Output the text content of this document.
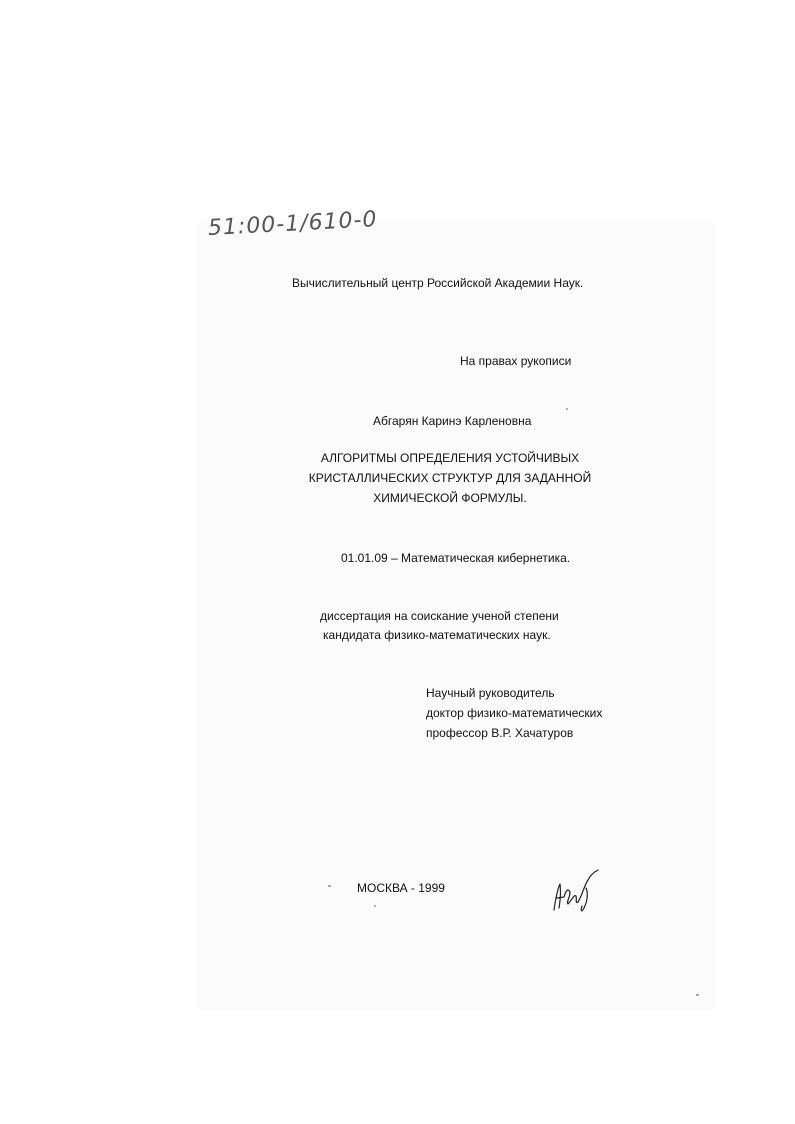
51:00-1/610-0
Вычислительный центр Российской Академии Наук.
На правах рукописи
Абгарян Каринэ Карленовна
АЛГОРИТМЫ ОПРЕДЕЛЕНИЯ УСТОЙЧИВЫХ
КРИСТАЛЛИЧЕСКИХ СТРУКТУР ДЛЯ ЗАДАННОЙ
ХИМИЧЕСКОЙ ФОРМУЛЫ.
01.01.09 – Математическая кибернетика.
диссертация на соискание ученой степени
кандидата физико-математических наук.
Научный руководитель
доктор физико-математических
профессор В.Р. Хачатуров
МОСКВА - 1999
